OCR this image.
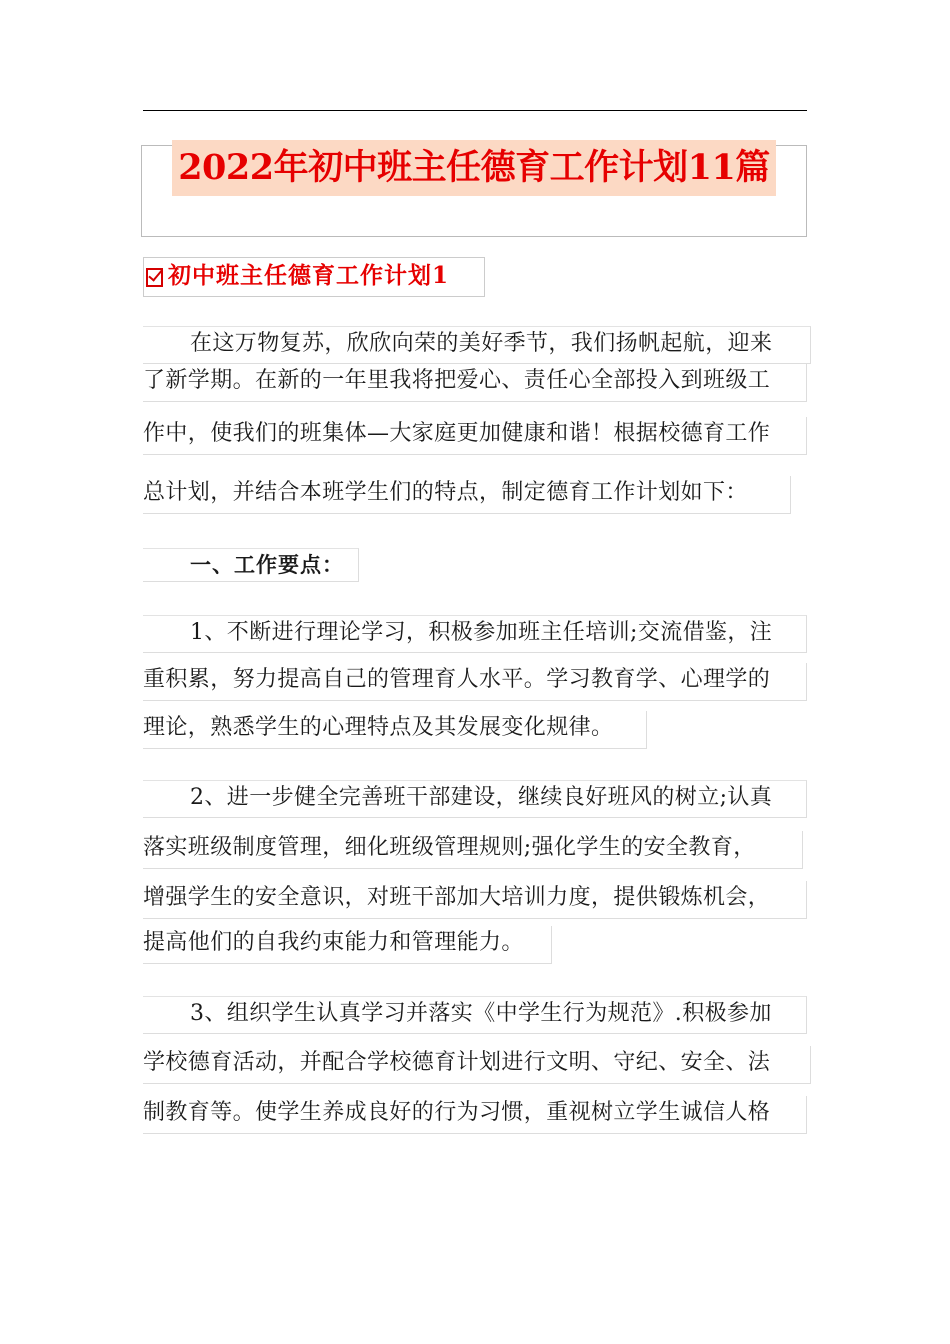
2022年初中班主任德育工作计划11篇
初中班主任德育工作计划1
在这万物复苏，欣欣向荣的美好季节，我们扬帆起航，迎来
了新学期。在新的一年里我将把爱心、责任心全部投入到班级工
作中，使我们的班集体—大家庭更加健康和谐！根据校德育工作
总计划，并结合本班学生们的特点，制定德育工作计划如下：
一、工作要点：
1、不断进行理论学习，积极参加班主任培训;交流借鉴，注
重积累，努力提高自己的管理育人水平。学习教育学、心理学的
理论，熟悉学生的心理特点及其发展变化规律。
2、进一步健全完善班干部建设，继续良好班风的树立;认真
落实班级制度管理，细化班级管理规则;强化学生的安全教育，
增强学生的安全意识，对班干部加大培训力度，提供锻炼机会，
提高他们的自我约束能力和管理能力。
3、组织学生认真学习并落实《中学生行为规范》.积极参加
学校德育活动，并配合学校德育计划进行文明、守纪、安全、法
制教育等。使学生养成良好的行为习惯，重视树立学生诚信人格
